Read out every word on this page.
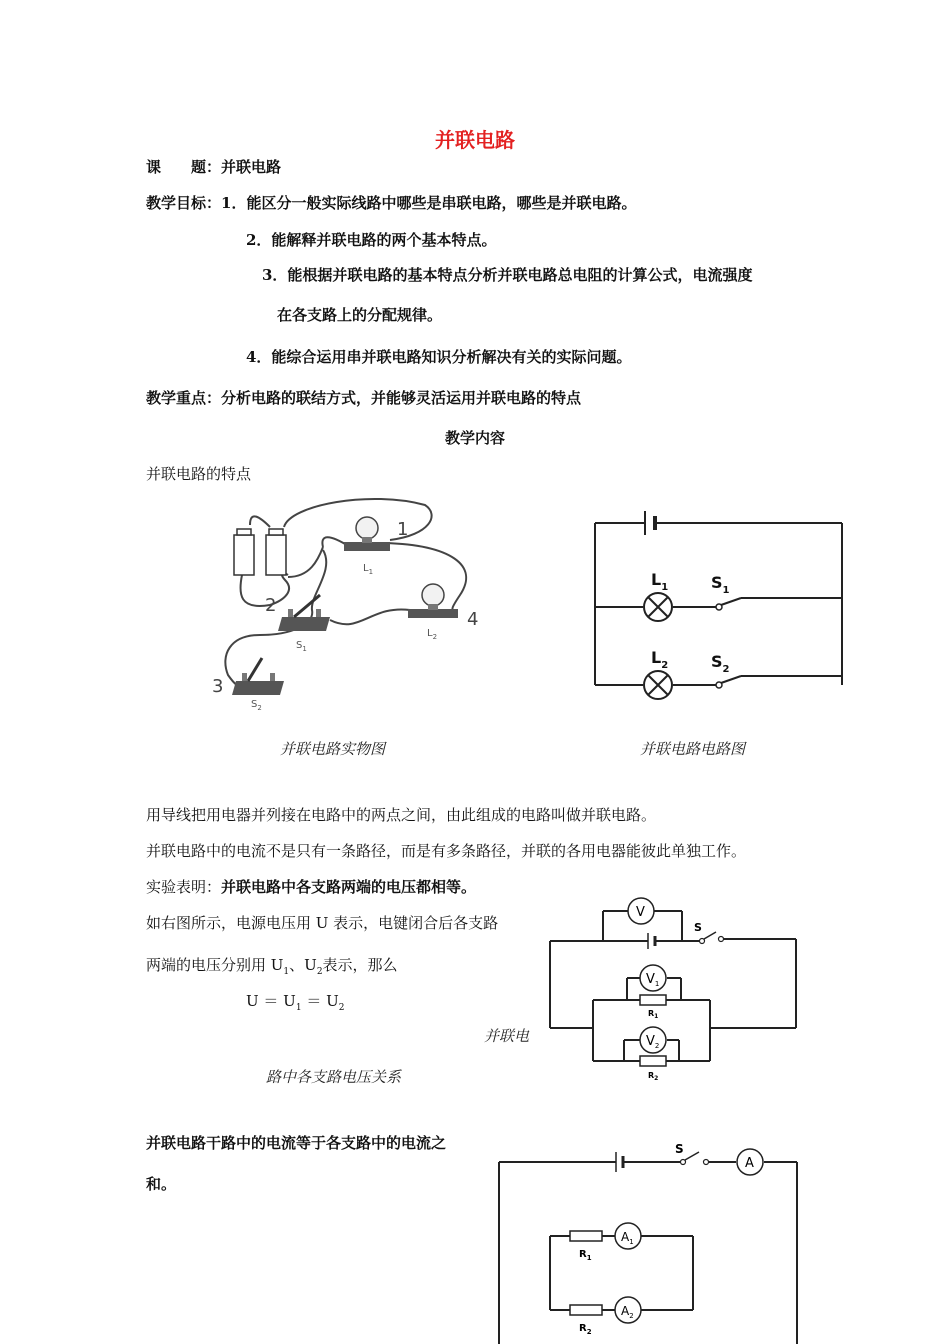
并联电路
课　　题：并联电路
教学目标：1．能区分一般实际线路中哪些是串联电路，哪些是并联电路。
2．能解释并联电路的两个基本特点。
3．能根据并联电路的基本特点分析并联电路总电阻的计算公式，电流强度
在各支路上的分配规律。
4．能综合运用串并联电路知识分析解决有关的实际问题。
教学重点：分析电路的联结方式，并能够灵活运用并联电路的特点
教学内容
并联电路的特点
1
2
3
4
$L_1$
$L_2$
$S_1$
$S_2$
$L_1$	$S_1$
$L_2$	$S_2$
并联电路实物图	并联电路电路图
用导线把用电器并列接在电路中的两点之间，由此组成的电路叫做并联电路。
并联电路中的电流不是只有一条路径，而是有多条路径，并联的各用电器能彼此单独工作。
实验表明：并联电路中各支路两端的电压都相等。
如右图所示，电源电压用 U 表示，电键闭合后各支路
两端的电压分别用 $U_1$、$U_2$表示，那么
$U = U_1 = U_2$
并联电
路中各支路电压关系
V
S
$V_1$
$R_1$
$V_2$
$R_2$
并联电路干路中的电流等于各支路中的电流之
和。
S
A
$R_1$
$A_1$
$R_2$
$A_2$
